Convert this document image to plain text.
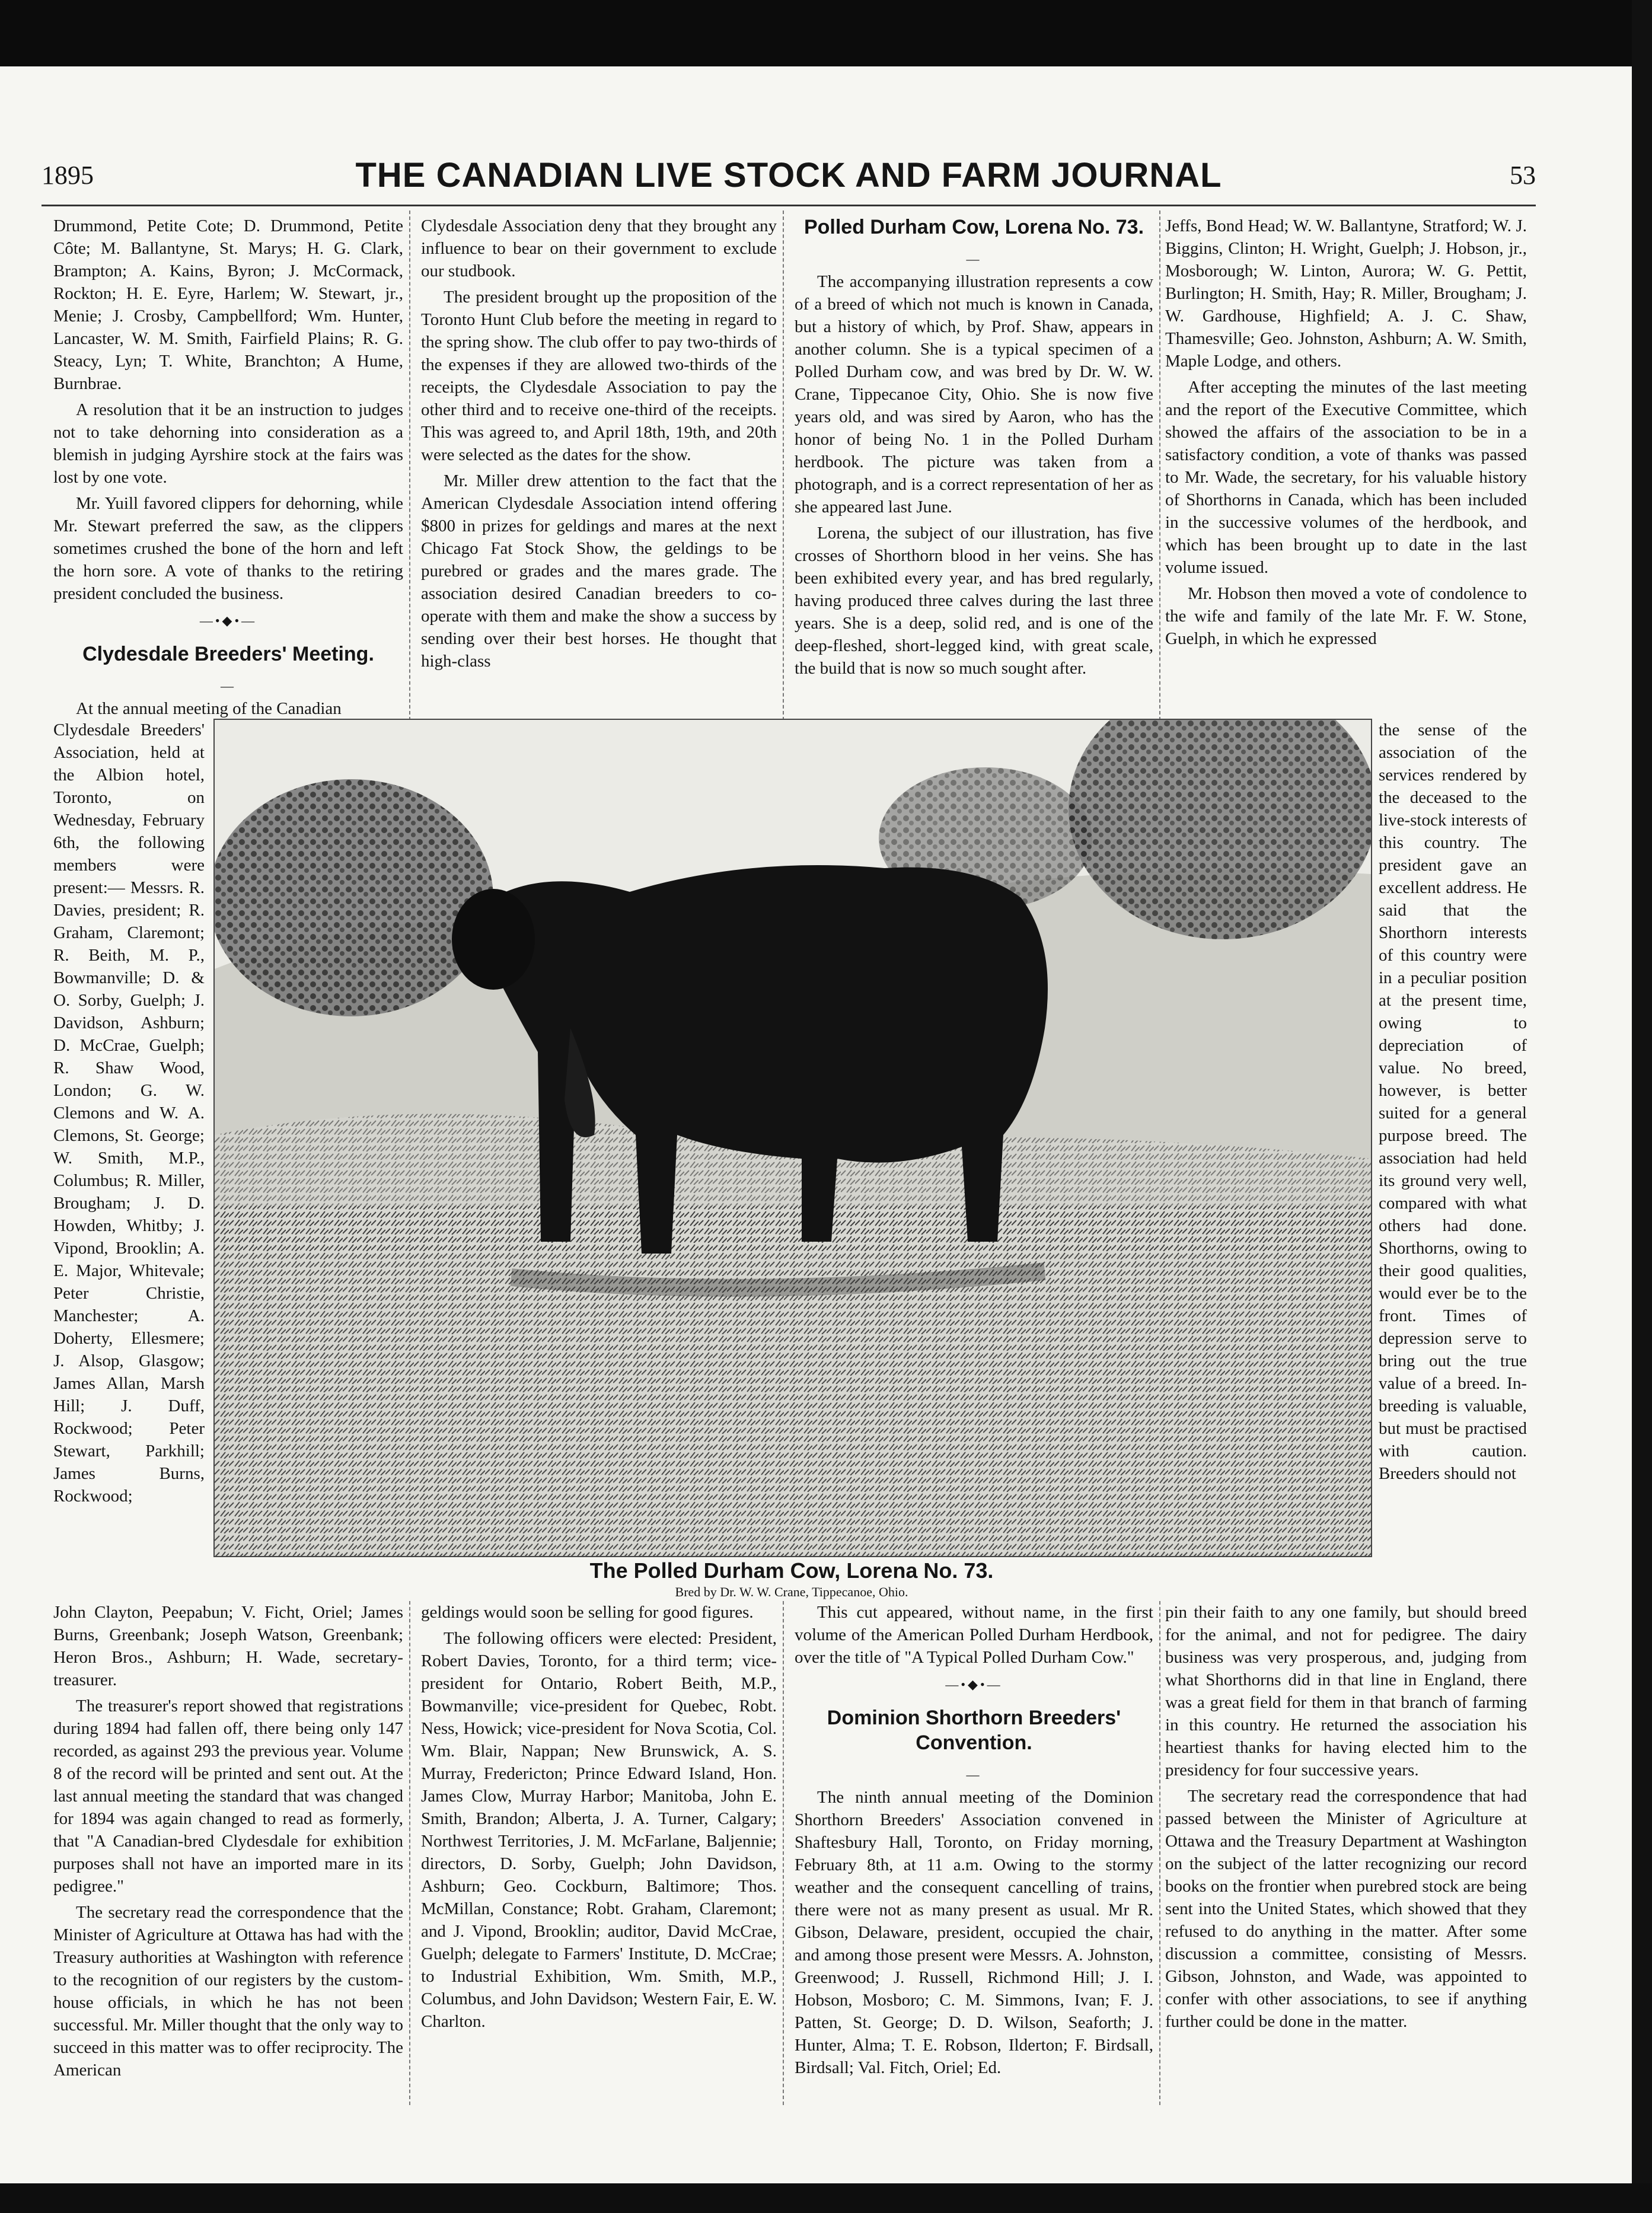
1895	THE CANADIAN LIVE STOCK AND FARM JOURNAL	53

Drummond, Petite Cote; D. Drummond, Petite Côte; M. Ballantyne, St. Marys; H. G. Clark, Brampton; A. Kains, Byron; J. McCormack, Rockton; H. E. Eyre, Harlem; W. Stewart, jr., Menie; J. Crosby, Campbellford; Wm. Hunter, Lancaster, W. M. Smith, Fairfield Plains; R. G. Steacy, Lyn; T. White, Branchton; A Hume, Burnbrae.

A resolution that it be an instruction to judges not to take dehorning into consideration as a blemish in judging Ayrshire stock at the fairs was lost by one vote.

Mr. Yuill favored clippers for dehorning, while Mr. Stewart preferred the saw, as the clippers sometimes crushed the bone of the horn and left the horn sore. A vote of thanks to the retiring president concluded the business.

—•◆•—
Clydesdale Breeders' Meeting.
—

At the annual meeting of the Canadian

Clydesdale Breeders' Association, held at the Albion hotel, Toronto, on Wednesday, February 6th, the following members were present:— Messrs. R. Davies, president; R. Graham, Claremont; R. Beith, M. P., Bowmanville; D. & O. Sorby, Guelph; J. Davidson, Ashburn; D. McCrae, Guelph; R. Shaw Wood, London; G. W. Clemons and W. A. Clemons, St. George; W. Smith, M.P., Columbus; R. Miller, Brougham; J. D. Howden, Whitby; J. Vipond, Brooklin; A. E. Major, Whitevale; Peter Christie, Manchester; A. Doherty, Ellesmere; J. Alsop, Glasgow; James Allan, Marsh Hill; J. Duff, Rockwood; Peter Stewart, Parkhill; James Burns, Rockwood;

John Clayton, Peepabun; V. Ficht, Oriel; James Burns, Greenbank; Joseph Watson, Greenbank; Heron Bros., Ashburn; H. Wade, secretary-treasurer.

The treasurer's report showed that registrations during 1894 had fallen off, there being only 147 recorded, as against 293 the previous year. Volume 8 of the record will be printed and sent out. At the last annual meeting the standard that was changed for 1894 was again changed to read as formerly, that "A Canadian-bred Clydesdale for exhibition purposes shall not have an imported mare in its pedigree."

The secretary read the correspondence that the Minister of Agriculture at Ottawa has had with the Treasury authorities at Washington with reference to the recognition of our registers by the custom-house officials, in which he has not been successful. Mr. Miller thought that the only way to succeed in this matter was to offer reciprocity. The American

Clydesdale Association deny that they brought any influence to bear on their government to exclude our studbook.

The president brought up the proposition of the Toronto Hunt Club before the meeting in regard to the spring show. The club offer to pay two-thirds of the expenses if they are allowed two-thirds of the receipts, the Clydesdale Association to pay the other third and to receive one-third of the receipts. This was agreed to, and April 18th, 19th, and 20th were selected as the dates for the show.

Mr. Miller drew attention to the fact that the American Clydesdale Association intend offering $800 in prizes for geldings and mares at the next Chicago Fat Stock Show, the geldings to be purebred or grades and the mares grade. The association desired Canadian breeders to co-operate with them and make the show a success by sending over their best horses. He thought that high-class

geldings would soon be selling for good figures.

The following officers were elected: President, Robert Davies, Toronto, for a third term; vice-president for Ontario, Robert Beith, M.P., Bowmanville; vice-president for Quebec, Robt. Ness, Howick; vice-president for Nova Scotia, Col. Wm. Blair, Nappan; New Brunswick, A. S. Murray, Fredericton; Prince Edward Island, Hon. James Clow, Murray Harbor; Manitoba, John E. Smith, Brandon; Alberta, J. A. Turner, Calgary; Northwest Territories, J. M. McFarlane, Baljennie; directors, D. Sorby, Guelph; John Davidson, Ashburn; Geo. Cockburn, Baltimore; Thos. McMillan, Constance; Robt. Graham, Claremont; and J. Vipond, Brooklin; auditor, David McCrae, Guelph; delegate to Farmers' Institute, D. McCrae; to Industrial Exhibition, Wm. Smith, M.P., Columbus, and John Davidson; Western Fair, E. W. Charlton.

Polled Durham Cow, Lorena No. 73.
—

The accompanying illustration represents a cow of a breed of which not much is known in Canada, but a history of which, by Prof. Shaw, appears in another column. She is a typical specimen of a Polled Durham cow, and was bred by Dr. W. W. Crane, Tippecanoe City, Ohio. She is now five years old, and was sired by Aaron, who has the honor of being No. 1 in the Polled Durham herdbook. The picture was taken from a photograph, and is a correct representation of her as she appeared last June.

Lorena, the subject of our illustration, has five crosses of Shorthorn blood in her veins. She has been exhibited every year, and has bred regularly, having produced three calves during the last three years. She is a deep, solid red, and is one of the deep-fleshed, short-legged kind, with great scale, the build that is now so much sought after.

This cut appeared, without name, in the first volume of the American Polled Durham Herdbook, over the title of "A Typical Polled Durham Cow."

—•◆•—
Dominion Shorthorn Breeders' Convention.
—

The ninth annual meeting of the Dominion Shorthorn Breeders' Association convened in Shaftesbury Hall, Toronto, on Friday morning, February 8th, at 11 a.m. Owing to the stormy weather and the consequent cancelling of trains, there were not as many present as usual. Mr R. Gibson, Delaware, president, occupied the chair, and among those present were Messrs. A. Johnston, Greenwood; J. Russell, Richmond Hill; J. I. Hobson, Mosboro; C. M. Simmons, Ivan; F. J. Patten, St. George; D. D. Wilson, Seaforth; J. Hunter, Alma; T. E. Robson, Ilderton; F. Birdsall, Birdsall; Val. Fitch, Oriel; Ed.

Jeffs, Bond Head; W. W. Ballantyne, Stratford; W. J. Biggins, Clinton; H. Wright, Guelph; J. Hobson, jr., Mosborough; W. Linton, Aurora; W. G. Pettit, Burlington; H. Smith, Hay; R. Miller, Brougham; J. W. Gardhouse, Highfield; A. J. C. Shaw, Thamesville; Geo. Johnston, Ashburn; A. W. Smith, Maple Lodge, and others.

After accepting the minutes of the last meeting and the report of the Executive Committee, which showed the affairs of the association to be in a satisfactory condition, a vote of thanks was passed to Mr. Wade, the secretary, for his valuable history of Shorthorns in Canada, which has been included in the successive volumes of the herdbook, and which has been brought up to date in the last volume issued.

Mr. Hobson then moved a vote of condolence to the wife and family of the late Mr. F. W. Stone, Guelph, in which he expressed

the sense of the association of the services rendered by the deceased to the live-stock interests of this country. The president gave an excellent address. He said that the Shorthorn interests of this country were in a peculiar position at the present time, owing to depreciation of value. No breed, however, is better suited for a general purpose breed. The association had held its ground very well, compared with what others had done. Shorthorns, owing to their good qualities, would ever be to the front. Times of depression serve to bring out the true value of a breed. In-breeding is valuable, but must be practised with caution. Breeders should not

pin their faith to any one family, but should breed for the animal, and not for pedigree. The dairy business was very prosperous, and, judging from what Shorthorns did in that line in England, there was a great field for them in that branch of farming in this country. He returned the association his heartiest thanks for having elected him to the presidency for four successive years.

The secretary read the correspondence that had passed between the Minister of Agriculture at Ottawa and the Treasury Department at Washington on the subject of the latter recognizing our record books on the frontier when purebred stock are being sent into the United States, which showed that they refused to do anything in the matter. After some discussion a committee, consisting of Messrs. Gibson, Johnston, and Wade, was appointed to confer with other associations, to see if anything further could be done in the matter.

The Polled Durham Cow, Lorena No. 73.
Bred by Dr. W. W. Crane, Tippecanoe, Ohio.
